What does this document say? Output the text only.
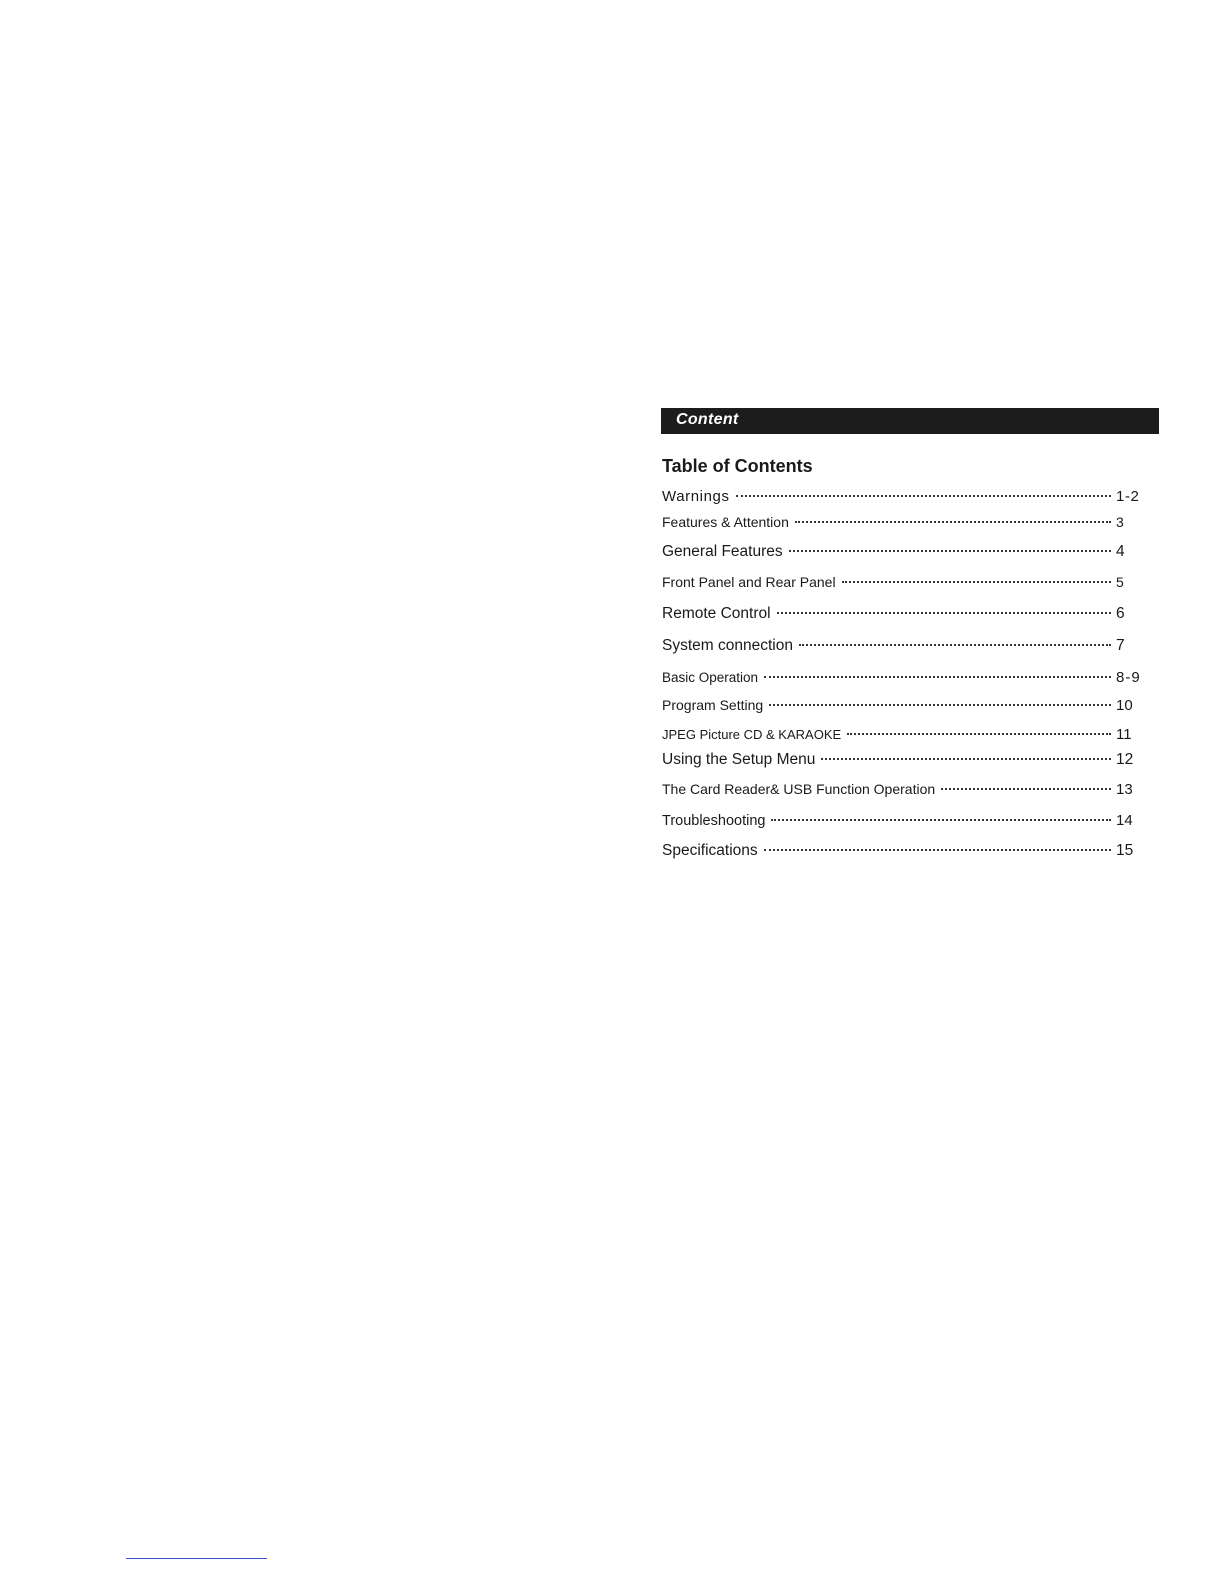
Content
Table of Contents
Warnings	1-2
Features & Attention	3
General Features	4
Front Panel and Rear Panel	5
Remote Control	6
System connection	7
Basic Operation	8-9
Program Setting	10
JPEG Picture CD & KARAOKE	11
Using the Setup Menu	12
The Card Reader& USB Function Operation	13
Troubleshooting	14
Specifications	15
